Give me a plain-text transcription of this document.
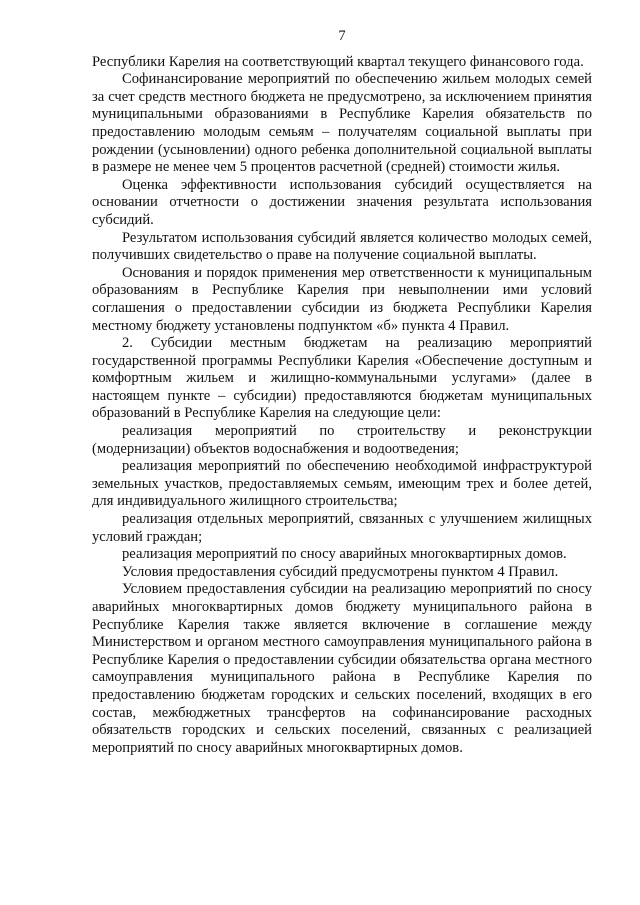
7

Республики Карелия на соответствующий квартал текущего финансового года.

Софинансирование мероприятий по обеспечению жильем молодых семей за счет средств местного бюджета не предусмотрено, за исключением принятия муниципальными образованиями в Республике Карелия обязательств по предоставлению молодым семьям – получателям социальной выплаты при рождении (усыновлении) одного ребенка дополнительной социальной выплаты в размере не менее чем 5 процентов расчетной (средней) стоимости жилья.

Оценка эффективности использования субсидий осуществляется на основании отчетности о достижении значения результата использования субсидий.

Результатом использования субсидий является количество молодых семей, получивших свидетельство о праве на получение социальной выплаты.

Основания и порядок применения мер ответственности к муниципальным образованиям в Республике Карелия при невыполнении ими условий соглашения о предоставлении субсидии из бюджета Республики Карелия местному бюджету установлены подпунктом «б» пункта 4 Правил.

2. Субсидии местным бюджетам на реализацию мероприятий государственной программы Республики Карелия «Обеспечение доступным и комфортным жильем и жилищно-коммунальными услугами» (далее в настоящем пункте – субсидии) предоставляются бюджетам муниципальных образований в Республике Карелия на следующие цели:

реализация мероприятий по строительству и реконструкции (модернизации) объектов водоснабжения и водоотведения;

реализация мероприятий по обеспечению необходимой инфраструктурой земельных участков, предоставляемых семьям, имеющим трех и более детей, для индивидуального жилищного строительства;

реализация отдельных мероприятий, связанных с улучшением жилищных условий граждан;

реализация мероприятий по сносу аварийных многоквартирных домов.

Условия предоставления субсидий предусмотрены пунктом 4 Правил.

Условием предоставления субсидии на реализацию мероприятий по сносу аварийных многоквартирных домов бюджету муниципального района в Республике Карелия также является включение в соглашение между Министерством и органом местного самоуправления муниципального района в Республике Карелия о предоставлении субсидии обязательства органа местного самоуправления муниципального района в Республике Карелия по предоставлению бюджетам городских и сельских поселений, входящих в его состав, межбюджетных трансфертов на софинансирование расходных обязательств городских и сельских поселений, связанных с реализацией мероприятий по сносу аварийных многоквартирных домов.
